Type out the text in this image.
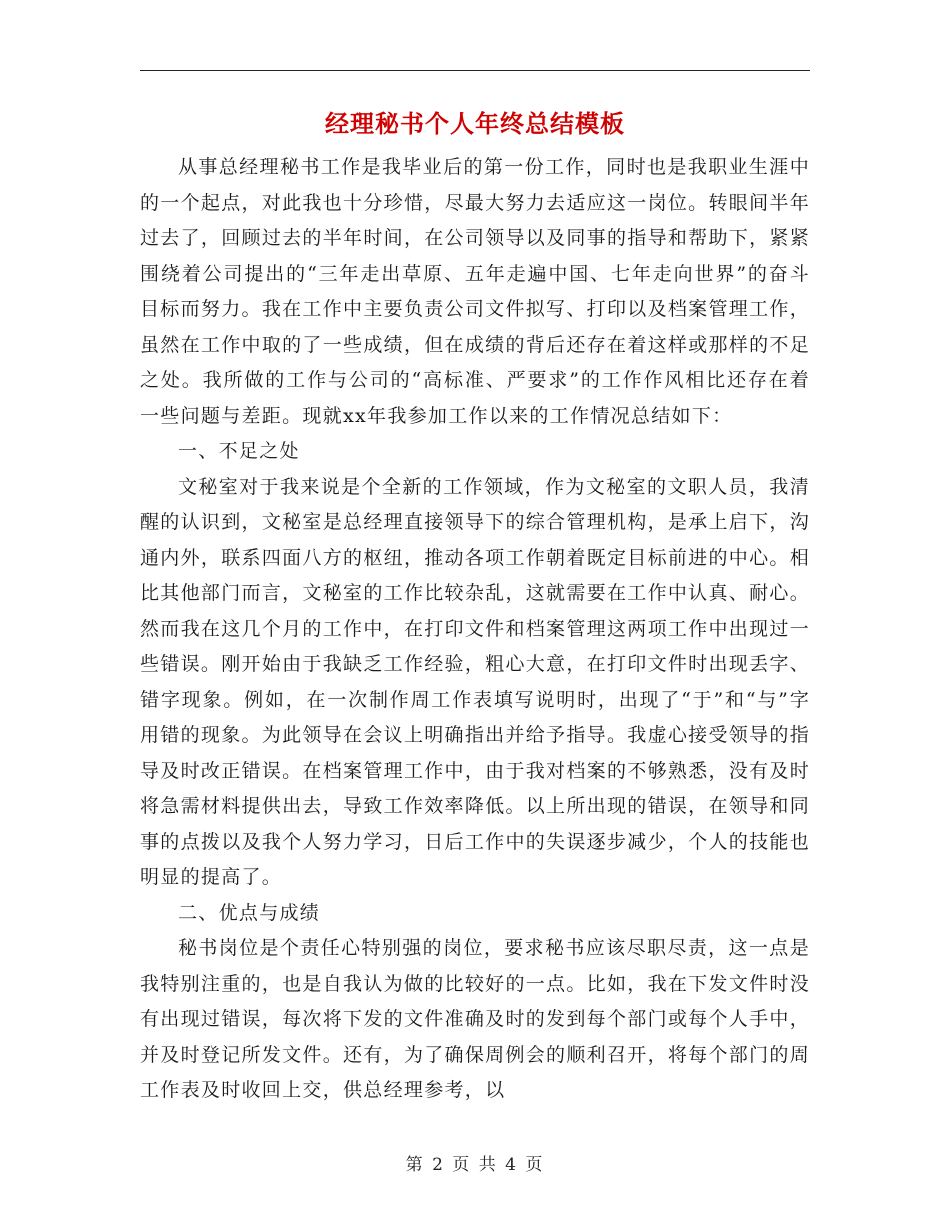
经理秘书个人年终总结模板

从事总经理秘书工作是我毕业后的第一份工作，同时也是我职业生涯中的一个起点，对此我也十分珍惜，尽最大努力去适应这一岗位。转眼间半年过去了，回顾过去的半年时间，在公司领导以及同事的指导和帮助下，紧紧围绕着公司提出的“三年走出草原、五年走遍中国、七年走向世界”的奋斗目标而努力。我在工作中主要负责公司文件拟写、打印以及档案管理工作，虽然在工作中取的了一些成绩，但在成绩的背后还存在着这样或那样的不足之处。我所做的工作与公司的“高标准、严要求”的工作作风相比还存在着一些问题与差距。现就xx年我参加工作以来的工作情况总结如下：

一、不足之处

文秘室对于我来说是个全新的工作领域，作为文秘室的文职人员，我清醒的认识到，文秘室是总经理直接领导下的综合管理机构，是承上启下，沟通内外，联系四面八方的枢纽，推动各项工作朝着既定目标前进的中心。相比其他部门而言，文秘室的工作比较杂乱，这就需要在工作中认真、耐心。然而我在这几个月的工作中，在打印文件和档案管理这两项工作中出现过一些错误。刚开始由于我缺乏工作经验，粗心大意，在打印文件时出现丢字、错字现象。例如，在一次制作周工作表填写说明时，出现了“于”和“与”字用错的现象。为此领导在会议上明确指出并给予指导。我虚心接受领导的指导及时改正错误。在档案管理工作中，由于我对档案的不够熟悉，没有及时将急需材料提供出去，导致工作效率降低。以上所出现的错误，在领导和同事的点拨以及我个人努力学习，日后工作中的失误逐步减少，个人的技能也明显的提高了。

二、优点与成绩

秘书岗位是个责任心特别强的岗位，要求秘书应该尽职尽责，这一点是我特别注重的，也是自我认为做的比较好的一点。比如，我在下发文件时没有出现过错误，每次将下发的文件准确及时的发到每个部门或每个人手中，并及时登记所发文件。还有，为了确保周例会的顺利召开，将每个部门的周工作表及时收回上交，供总经理参考，以

第 2 页 共 4 页
